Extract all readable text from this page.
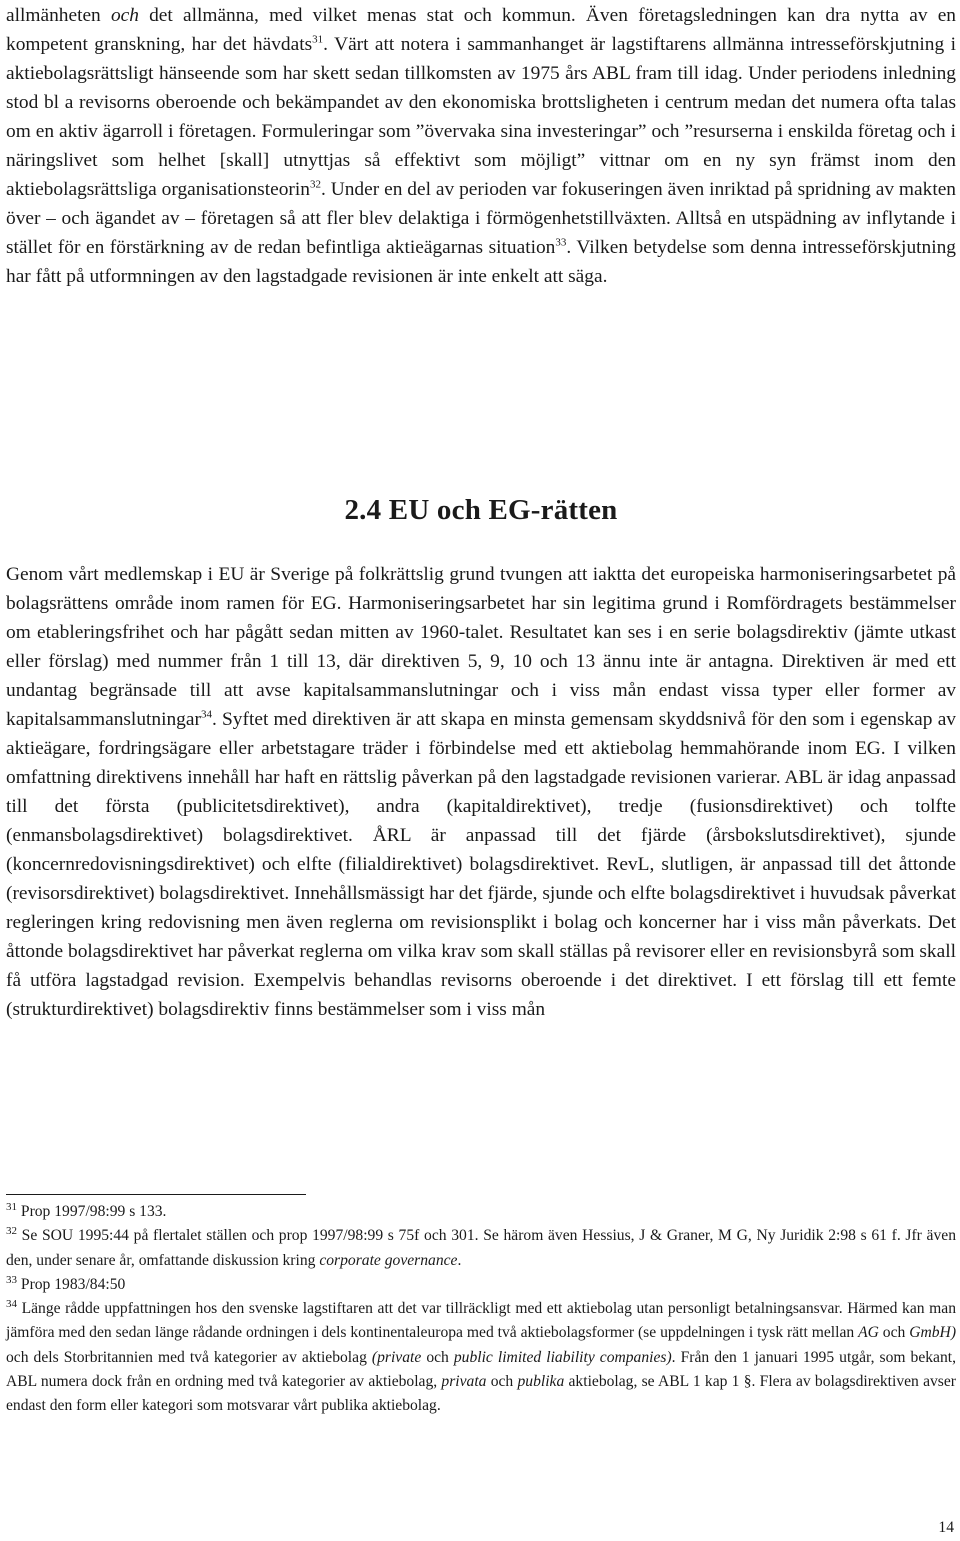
allmänheten och det allmänna, med vilket menas stat och kommun. Även företagsledningen kan dra nytta av en kompetent granskning, har det hävdats$^{31}$. Värt att notera i sammanhanget är lagstiftarens allmänna intresseförskjutning i aktiebolagsrättsligt hänseende som har skett sedan tillkomsten av 1975 års ABL fram till idag. Under periodens inledning stod bl a revisorns oberoende och bekämpandet av den ekonomiska brottsligheten i centrum medan det numera ofta talas om en aktiv ägarroll i företagen. Formuleringar som ”övervaka sina investeringar” och ”resurserna i enskilda företag och i näringslivet som helhet [skall] utnyttjas så effektivt som möjligt” vittnar om en ny syn främst inom den aktiebolagsrättsliga organisationsteorin$^{32}$. Under en del av perioden var fokuseringen även inriktad på spridning av makten över – och ägandet av – företagen så att fler blev delaktiga i förmögenhetstillväxten. Alltså en utspädning av inflytande i stället för en förstärkning av de redan befintliga aktieägarnas situation$^{33}$. Vilken betydelse som denna intresseförskjutning har fått på utformningen av den lagstadgade revisionen är inte enkelt att säga.

2.4 EU och EG-rätten

Genom vårt medlemskap i EU är Sverige på folkrättslig grund tvungen att iaktta det europeiska harmoniseringsarbetet på bolagsrättens område inom ramen för EG. Harmoniseringsarbetet har sin legitima grund i Romfördragets bestämmelser om etableringsfrihet och har pågått sedan mitten av 1960-talet. Resultatet kan ses i en serie bolagsdirektiv (jämte utkast eller förslag) med nummer från 1 till 13, där direktiven 5, 9, 10 och 13 ännu inte är antagna. Direktiven är med ett undantag begränsade till att avse kapitalsammanslutningar och i viss mån endast vissa typer eller former av kapitalsammanslutningar$^{34}$. Syftet med direktiven är att skapa en minsta gemensam skyddsnivå för den som i egenskap av aktieägare, fordringsägare eller arbetstagare träder i förbindelse med ett aktiebolag hemmahörande inom EG. I vilken omfattning direktivens innehåll har haft en rättslig påverkan på den lagstadgade revisionen varierar. ABL är idag anpassad till det första (publicitetsdirektivet), andra (kapitaldirektivet), tredje (fusionsdirektivet) och tolfte (enmansbolagsdirektivet) bolagsdirektivet. ÅRL är anpassad till det fjärde (årsbokslutsdirektivet), sjunde (koncernredovisningsdirektivet) och elfte (filialdirektivet) bolagsdirektivet. RevL, slutligen, är anpassad till det åttonde (revisorsdirektivet) bolagsdirektivet. Innehållsmässigt har det fjärde, sjunde och elfte bolagsdirektivet i huvudsak påverkat regleringen kring redovisning men även reglerna om revisionsplikt i bolag och koncerner har i viss mån påverkats. Det åttonde bolagsdirektivet har påverkat reglerna om vilka krav som skall ställas på revisorer eller en revisionsbyrå som skall få utföra lagstadgad revision. Exempelvis behandlas revisorns oberoende i det direktivet. I ett förslag till ett femte (strukturdirektivet) bolagsdirektiv finns bestämmelser som i viss mån

$^{31}$ Prop 1997/98:99 s 133.

$^{32}$ Se SOU 1995:44 på flertalet ställen och prop 1997/98:99 s 75f och 301. Se härom även Hessius, J & Graner, M G, Ny Juridik 2:98 s 61 f. Jfr även den, under senare år, omfattande diskussion kring corporate governance.

$^{33}$ Prop 1983/84:50

$^{34}$ Länge rådde uppfattningen hos den svenske lagstiftaren att det var tillräckligt med ett aktiebolag utan personligt betalningsansvar. Härmed kan man jämföra med den sedan länge rådande ordningen i dels kontinentaleuropa med två aktiebolagsformer (se uppdelningen i tysk rätt mellan AG och GmbH) och dels Storbritannien med två kategorier av aktiebolag (private och public limited liability companies). Från den 1 januari 1995 utgår, som bekant, ABL numera dock från en ordning med två kategorier av aktiebolag, privata och publika aktiebolag, se ABL 1 kap 1 §. Flera av bolagsdirektiven avser endast den form eller kategori som motsvarar vårt publika aktiebolag.

14
